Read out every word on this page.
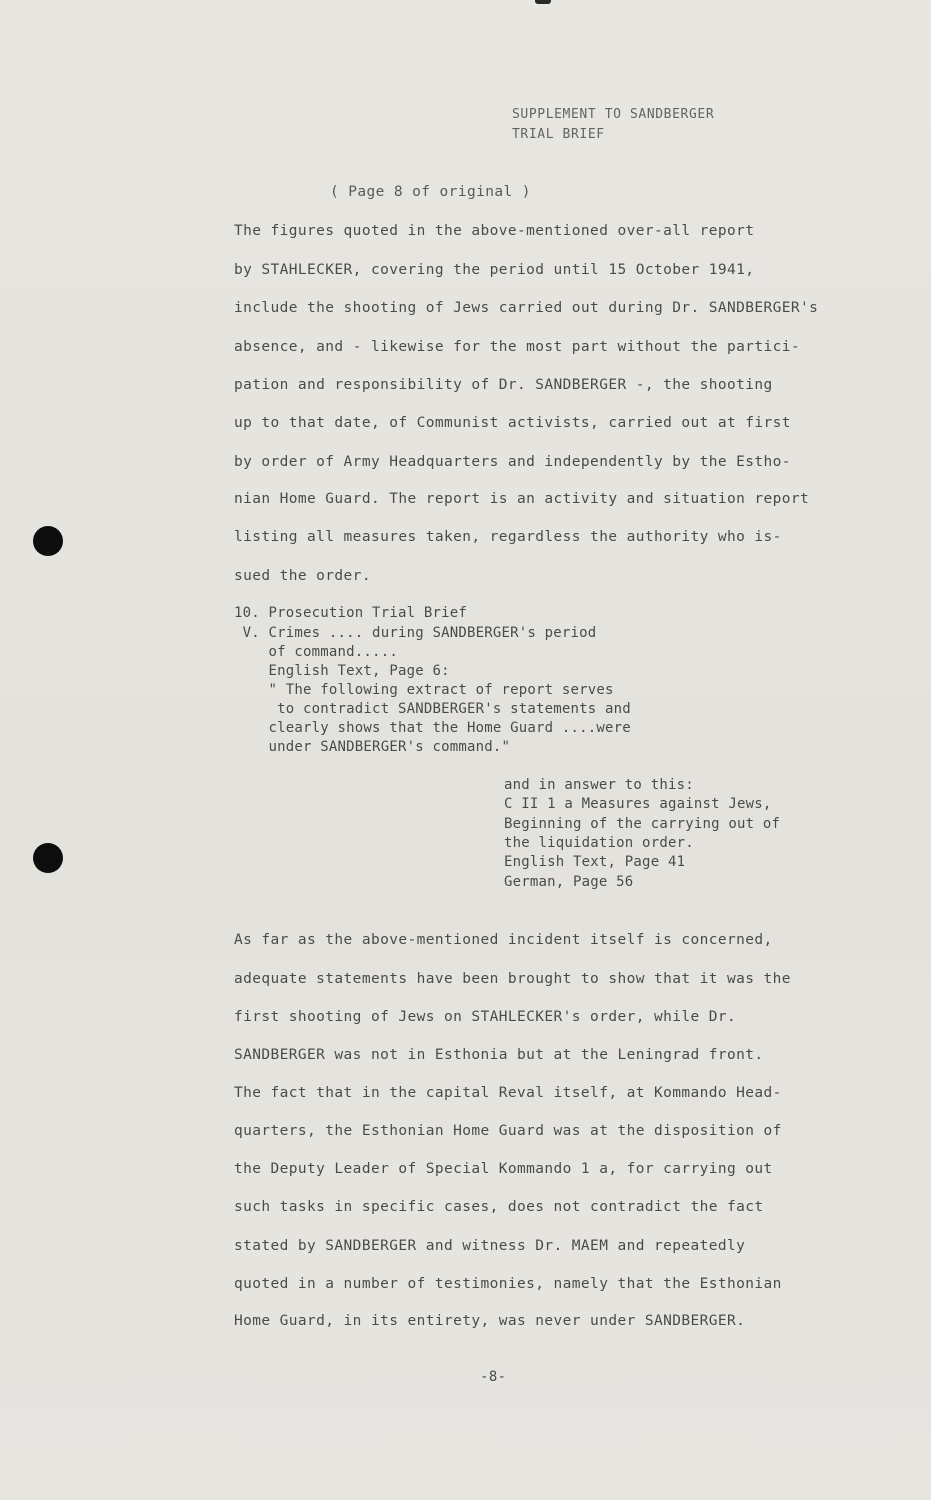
SUPPLEMENT TO SANDBERGER
TRIAL BRIEF
( Page 8 of original )
The figures quoted in the above-mentioned over-all report
by STAHLECKER, covering the period until 15 October 1941,
include the shooting of Jews carried out during Dr. SANDBERGER's
absence, and - likewise for the most part without the partici-
pation and responsibility of Dr. SANDBERGER -, the shooting
up to that date, of Communist activists, carried out at first
by order of Army Headquarters and independently by the Estho-
nian Home Guard. The report is an activity and situation report
listing all measures taken, regardless the authority who is-
sued the order.
10. Prosecution Trial Brief
V. Crimes .... during SANDBERGER's period
of command.....
English Text, Page 6:
" The following extract of report serves
to contradict SANDBERGER's statements and
clearly shows that the Home Guard ....were
under SANDBERGER's command."
and in answer to this:
C II 1 a Measures against Jews,
Beginning of the carrying out of
the liquidation order.
English Text, Page 41
German, Page 56
As far as the above-mentioned incident itself is concerned,
adequate statements have been brought to show that it was the
first shooting of Jews on STAHLECKER's order, while Dr.
SANDBERGER was not in Esthonia but at the Leningrad front.
The fact that in the capital Reval itself, at Kommando Head-
quarters, the Esthonian Home Guard was at the disposition of
the Deputy Leader of Special Kommando 1 a, for carrying out
such tasks in specific cases, does not contradict the fact
stated by SANDBERGER and witness Dr. MAEM and repeatedly
quoted in a number of testimonies, namely that the Esthonian
Home Guard, in its entirety, was never under SANDBERGER.
-8-
